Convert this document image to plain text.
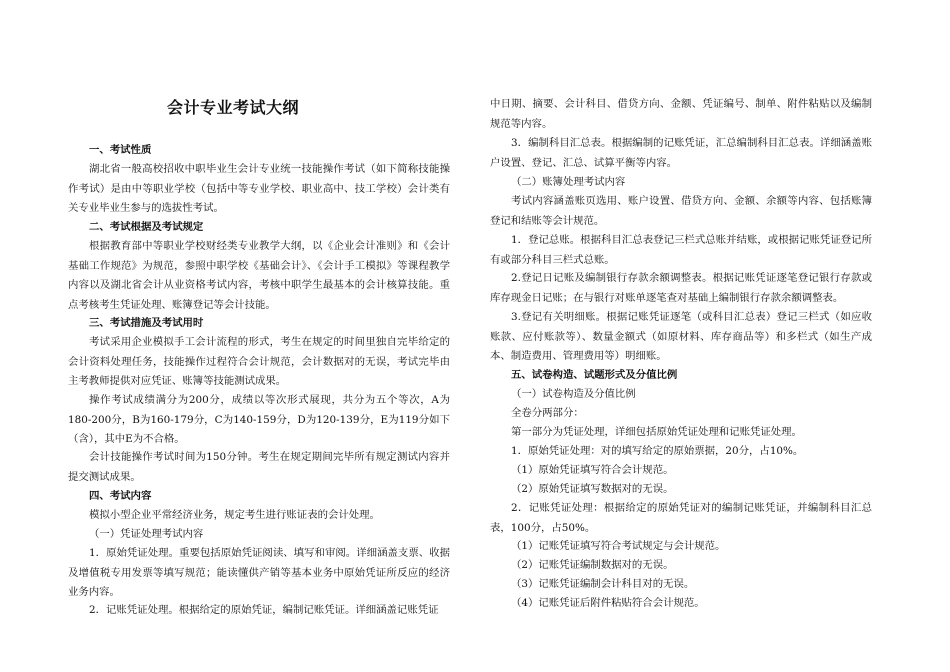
会计专业考试大纲

一、考试性质

湖北省一般高校招收中职毕业生会计专业统一技能操作考试（如下简称技能操作考试）是由中等职业学校（包括中等专业学校、职业高中、技工学校）会计类有关专业毕业生参与的选拔性考试。

二、考试根据及考试规定

根据教育部中等职业学校财经类专业教学大纲，以《企业会计准则》和《会计基础工作规范》为规范，参照中职学校《基础会计》、《会计手工模拟》等课程教学内容以及湖北省会计从业资格考试内容，考核中职学生最基本的会计核算技能。重点考核考生凭证处理、账簿登记等会计技能。

三、考试措施及考试用时

考试采用企业模拟手工会计流程的形式，考生在规定的时间里独自完毕给定的会计资料处理任务，技能操作过程符合会计规范，会计数据对的无误，考试完毕由主考教师提供对应凭证、账簿等技能测试成果。

操作考试成绩满分为200分，成绩以等次形式展现，共分为五个等次，A为180-200分，B为160-179分，C为140-159分，D为120-139分，E为119分如下（含），其中E为不合格。

会计技能操作考试时间为150分钟。考生在规定期间完毕所有规定测试内容并提交测试成果。

四、考试内容

模拟小型企业平常经济业务，规定考生进行账证表的会计处理。

（一）凭证处理考试内容

1．原始凭证处理。重要包括原始凭证阅读、填写和审阅。详细涵盖支票、收据及增值税专用发票等填写规范；能读懂供产销等基本业务中原始凭证所反应的经济业务内容。

2．记账凭证处理。根据给定的原始凭证，编制记账凭证。详细涵盖记账凭证

中日期、摘要、会计科目、借贷方向、金额、凭证编号、制单、附件粘贴以及编制规范等内容。

3．编制科目汇总表。根据编制的记账凭证，汇总编制科目汇总表。详细涵盖账户设置、登记、汇总、试算平衡等内容。

（二）账簿处理考试内容

考试内容涵盖账页选用、账户设置、借贷方向、金额、余额等内容、包括账簿登记和结账等会计规范。

1．登记总账。根据科目汇总表登记三栏式总账并结账，或根据记账凭证登记所有或部分科目三栏式总账。

2.登记日记账及编制银行存款余额调整表。根据记账凭证逐笔登记银行存款或库存现金日记账；在与银行对账单逐笔查对基础上编制银行存款余额调整表。

3.登记有关明细账。根据记账凭证逐笔（或科目汇总表）登记三栏式（如应收账款、应付账款等）、数量金额式（如原材料、库存商品等）和多栏式（如生产成本、制造费用、管理费用等）明细账。

五、试卷构造、试题形式及分值比例

（一）试卷构造及分值比例

全卷分两部分：

第一部分为凭证处理，详细包括原始凭证处理和记账凭证处理。

1．原始凭证处理：对的填写给定的原始票据，20分，占10%。

（1）原始凭证填写符合会计规范。

（2）原始凭证填写数据对的无误。

2．记账凭证处理：根据给定的原始凭证对的编制记账凭证，并编制科目汇总表，100分，占50%。

（1）记账凭证填写符合考试规定与会计规范。

（2）记账凭证编制数据对的无误。

（3）记账凭证编制会计科目对的无误。

（4）记账凭证后附件粘贴符合会计规范。
